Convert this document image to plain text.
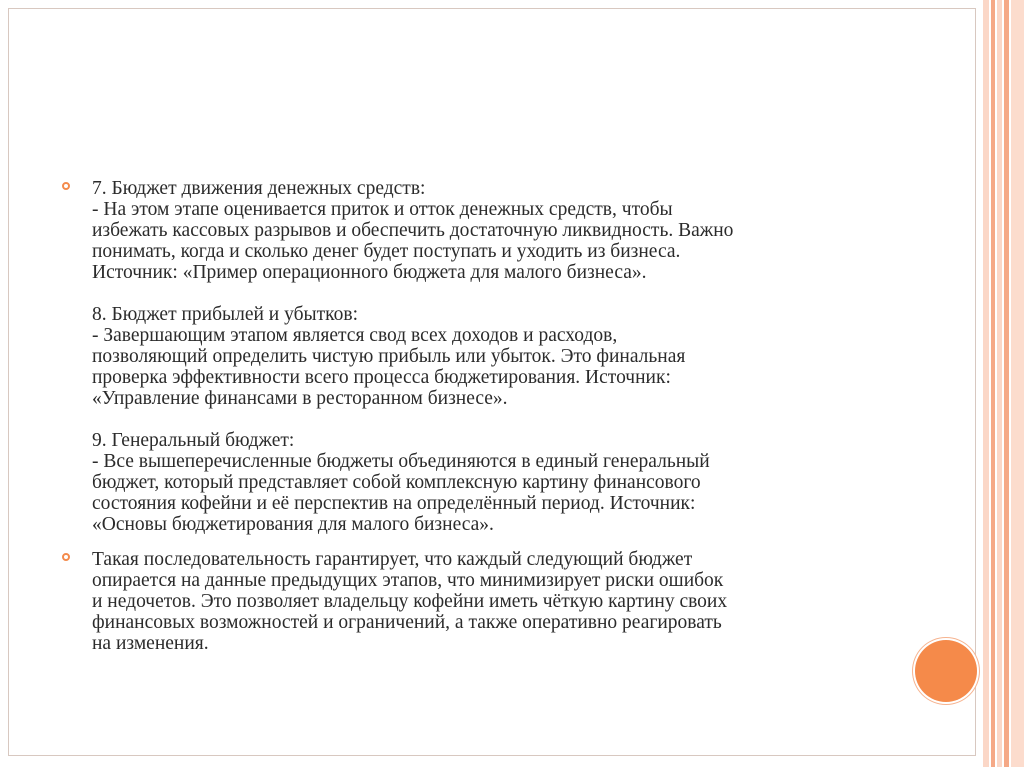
7. Бюджет движения денежных средств:
- На этом этапе оценивается приток и отток денежных средств, чтобы
избежать кассовых разрывов и обеспечить достаточную ликвидность. Важно
понимать, когда и сколько денег будет поступать и уходить из бизнеса.
Источник: «Пример операционного бюджета для малого бизнеса».
8. Бюджет прибылей и убытков:
- Завершающим этапом является свод всех доходов и расходов,
позволяющий определить чистую прибыль или убыток. Это финальная
проверка эффективности всего процесса бюджетирования. Источник:
«Управление финансами в ресторанном бизнесе».
9. Генеральный бюджет:
- Все вышеперечисленные бюджеты объединяются в единый генеральный
бюджет, который представляет собой комплексную картину финансового
состояния кофейни и её перспектив на определённый период. Источник:
«Основы бюджетирования для малого бизнеса».
Такая последовательность гарантирует, что каждый следующий бюджет
опирается на данные предыдущих этапов, что минимизирует риски ошибок
и недочетов. Это позволяет владельцу кофейни иметь чёткую картину своих
финансовых возможностей и ограничений, а также оперативно реагировать
на изменения.
